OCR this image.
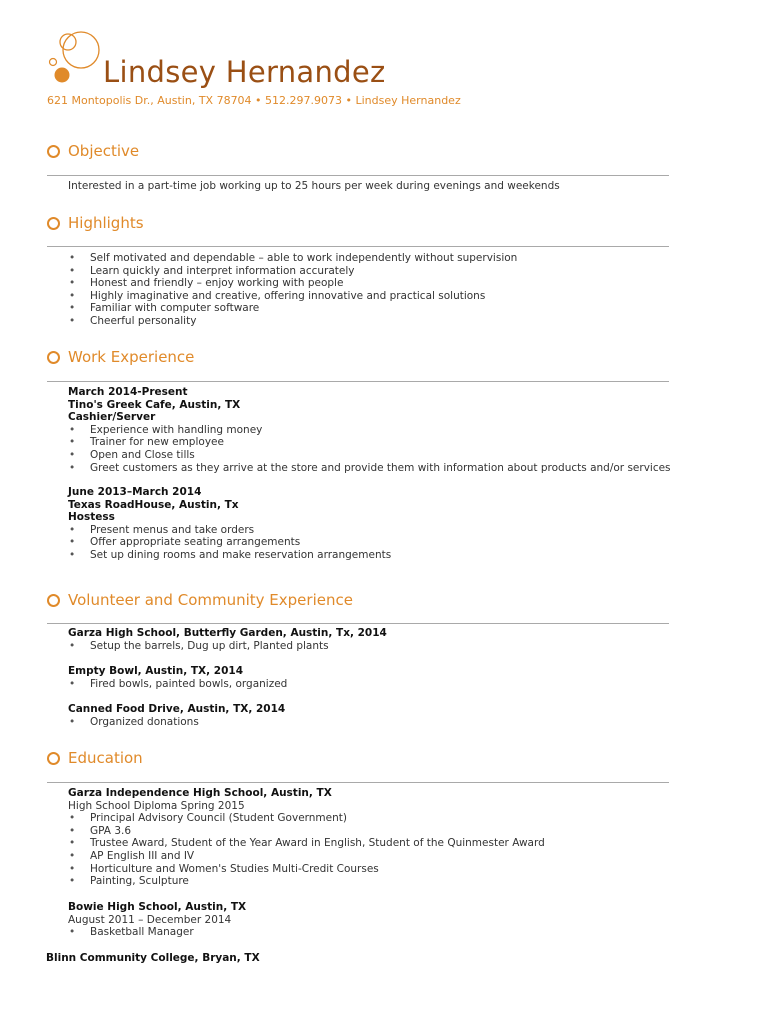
Lindsey Hernandez
621 Montopolis Dr., Austin, TX 78704 • 512.297.9073 • Lindsey Hernandez
Objective
Interested in a part-time job working up to 25 hours per week during evenings and weekends
Highlights
• Self motivated and dependable – able to work independently without supervision
• Learn quickly and interpret information accurately
• Honest and friendly – enjoy working with people
• Highly imaginative and creative, offering innovative and practical solutions
• Familiar with computer software
• Cheerful personality
Work Experience
March 2014-Present
Tino's Greek Cafe, Austin, TX
Cashier/Server
• Experience with handling money
• Trainer for new employee
• Open and Close tills
• Greet customers as they arrive at the store and provide them with information about products and/or services
June 2013–March 2014
Texas RoadHouse, Austin, Tx
Hostess
• Present menus and take orders
• Offer appropriate seating arrangements
• Set up dining rooms and make reservation arrangements
Volunteer and Community Experience
Garza High School, Butterfly Garden, Austin, Tx, 2014
• Setup the barrels, Dug up dirt, Planted plants
Empty Bowl, Austin, TX, 2014
• Fired bowls, painted bowls, organized
Canned Food Drive, Austin, TX, 2014
• Organized donations
Education
Garza Independence High School, Austin, TX
High School Diploma Spring 2015
• Principal Advisory Council (Student Government)
• GPA 3.6
• Trustee Award, Student of the Year Award in English, Student of the Quinmester Award
• AP English III and IV
• Horticulture and Women's Studies Multi-Credit Courses
• Painting, Sculpture
Bowie High School, Austin, TX
August 2011 – December 2014
• Basketball Manager
Blinn Community College, Bryan, TX
